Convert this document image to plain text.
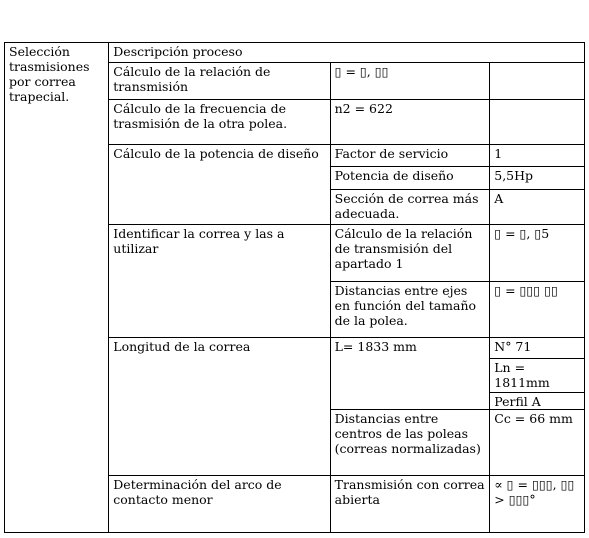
Selección trasmisiones por correa trapecial.	Descripción proceso		
	Cálculo de la relación de transmisión	▯ = ▯, ▯▯	
	Cálculo de la frecuencia de trasmisión de la otra polea.	n2 = 622	
	Cálculo de la potencia de diseño	Factor de servicio	1
		Potencia de diseño	5,5Hp
		Sección de correa más adecuada.	A
	Identificar la correa y las a utilizar	Cálculo de la relación de transmisión del apartado 1	▯ = ▯, ▯5
		Distancias entre ejes en función del tamaño de la polea.	▯ = ▯▯▯ ▯▯
	Longitud de la correa	L= 1833 mm	N° 71
			Ln = 1811mm
			Perfil A
		Distancias entre centros de las poleas (correas normalizadas)	Cc = 66 mm
	Determinación del arco de contacto menor	Transmisión con correa abierta	∝ ▯ = ▯▯▯, ▯▯ > ▯▯▯°
